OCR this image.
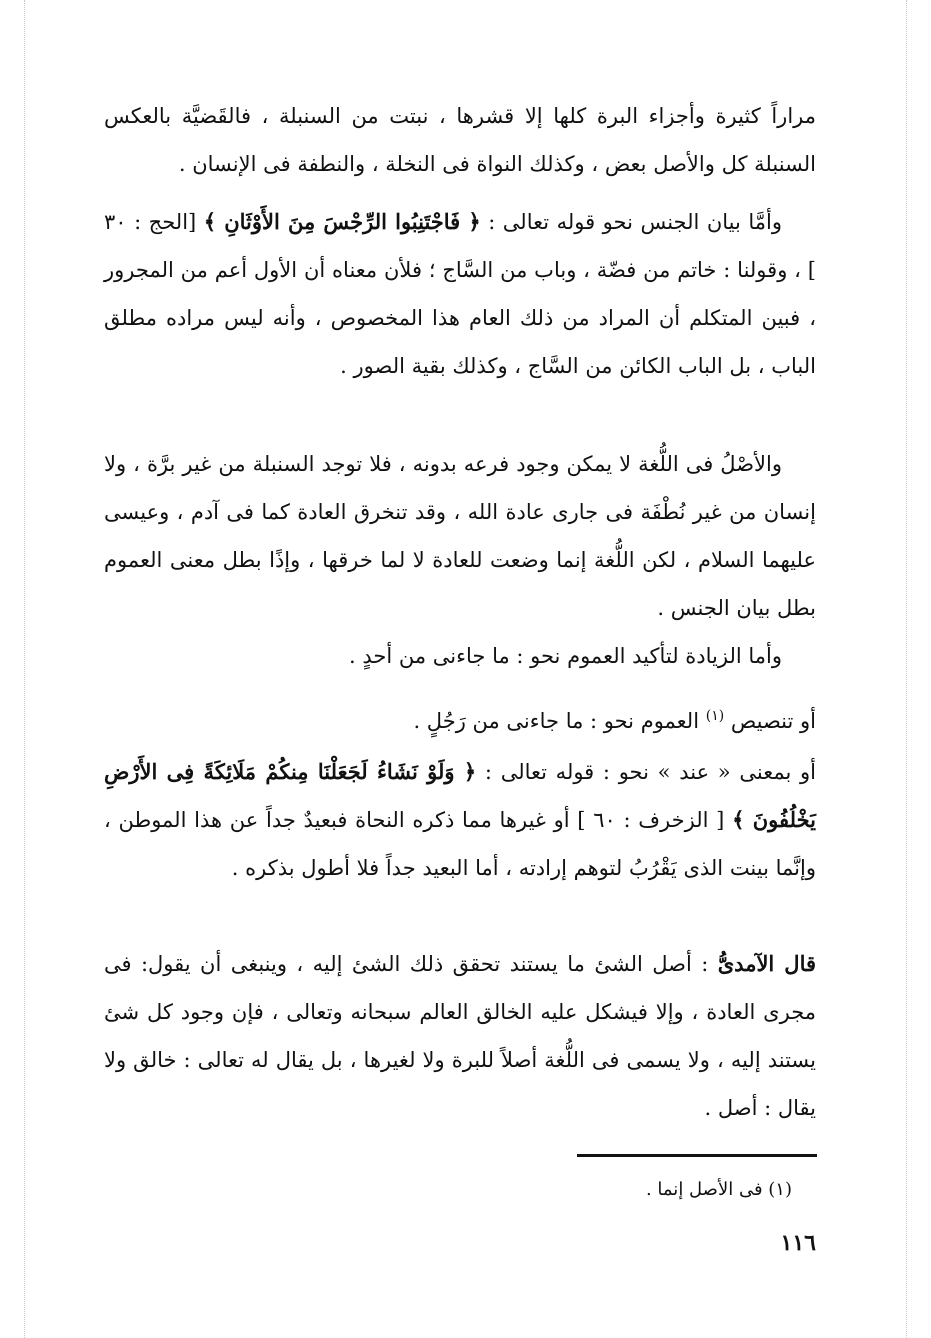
مراراً كثيرة وأجزاء البرة كلها إلا قشرها ، نبتت من السنبلة ، فالقَضيَّة بالعكس السنبلة كل والأصل بعض ، وكذلك النواة فى النخلة ، والنطفة فى الإنسان .

وأمَّا بيان الجنس نحو قوله تعالى : ﴿ فَاجْتَنِبُوا الرِّجْسَ مِنَ الأَوْثَانِ ﴾ [الحج : ٣٠ ] ، وقولنا : خاتم من فضّة ، وباب من السَّاج ؛ فلأن معناه أن الأول أعم من المجرور ، فبين المتكلم أن المراد من ذلك العام هذا المخصوص ، وأنه ليس مراده مطلق الباب ، بل الباب الكائن من السَّاج ، وكذلك بقية الصور .

والأصْلُ فى اللُّغة لا يمكن وجود فرعه بدونه ، فلا توجد السنبلة من غير برَّة ، ولا إنسان من غير نُطْفَة فى جارى عادة الله ، وقد تنخرق العادة كما فى آدم ، وعيسى عليهما السلام ، لكن اللُّغة إنما وضعت للعادة لا لما خرقها ، وإذًا بطل معنى العموم بطل بيان الجنس .

وأما الزيادة لتأكيد العموم نحو : ما جاءنى من أحدٍ .

أو تنصيص $^{(١)}$ العموم نحو : ما جاءنى من رَجُلٍ .

أو بمعنى « عند » نحو : قوله تعالى : ﴿ وَلَوْ نَشَاءُ لَجَعَلْنَا مِنكُمْ مَلَائِكَةً فِى الأَرْضِ يَخْلُفُونَ ﴾ [ الزخرف : ٦٠ ] أو غيرها مما ذكره النحاة فبعيدٌ جداً عن هذا الموطن ، وإنَّما بينت الذى يَقْرُبُ لتوهم إرادته ، أما البعيد جداً فلا أطول بذكره .

قال الآمدىُّ : أصل الشئ ما يستند تحقق ذلك الشئ إليه ، وينبغى أن يقول: فى مجرى العادة ، وإلا فيشكل عليه الخالق العالم سبحانه وتعالى ، فإن وجود كل شئ يستند إليه ، ولا يسمى فى اللُّغة أصلاً للبرة ولا لغيرها ، بل يقال له تعالى : خالق ولا يقال : أصل .

(١) فى الأصل إنما .
١١٦
